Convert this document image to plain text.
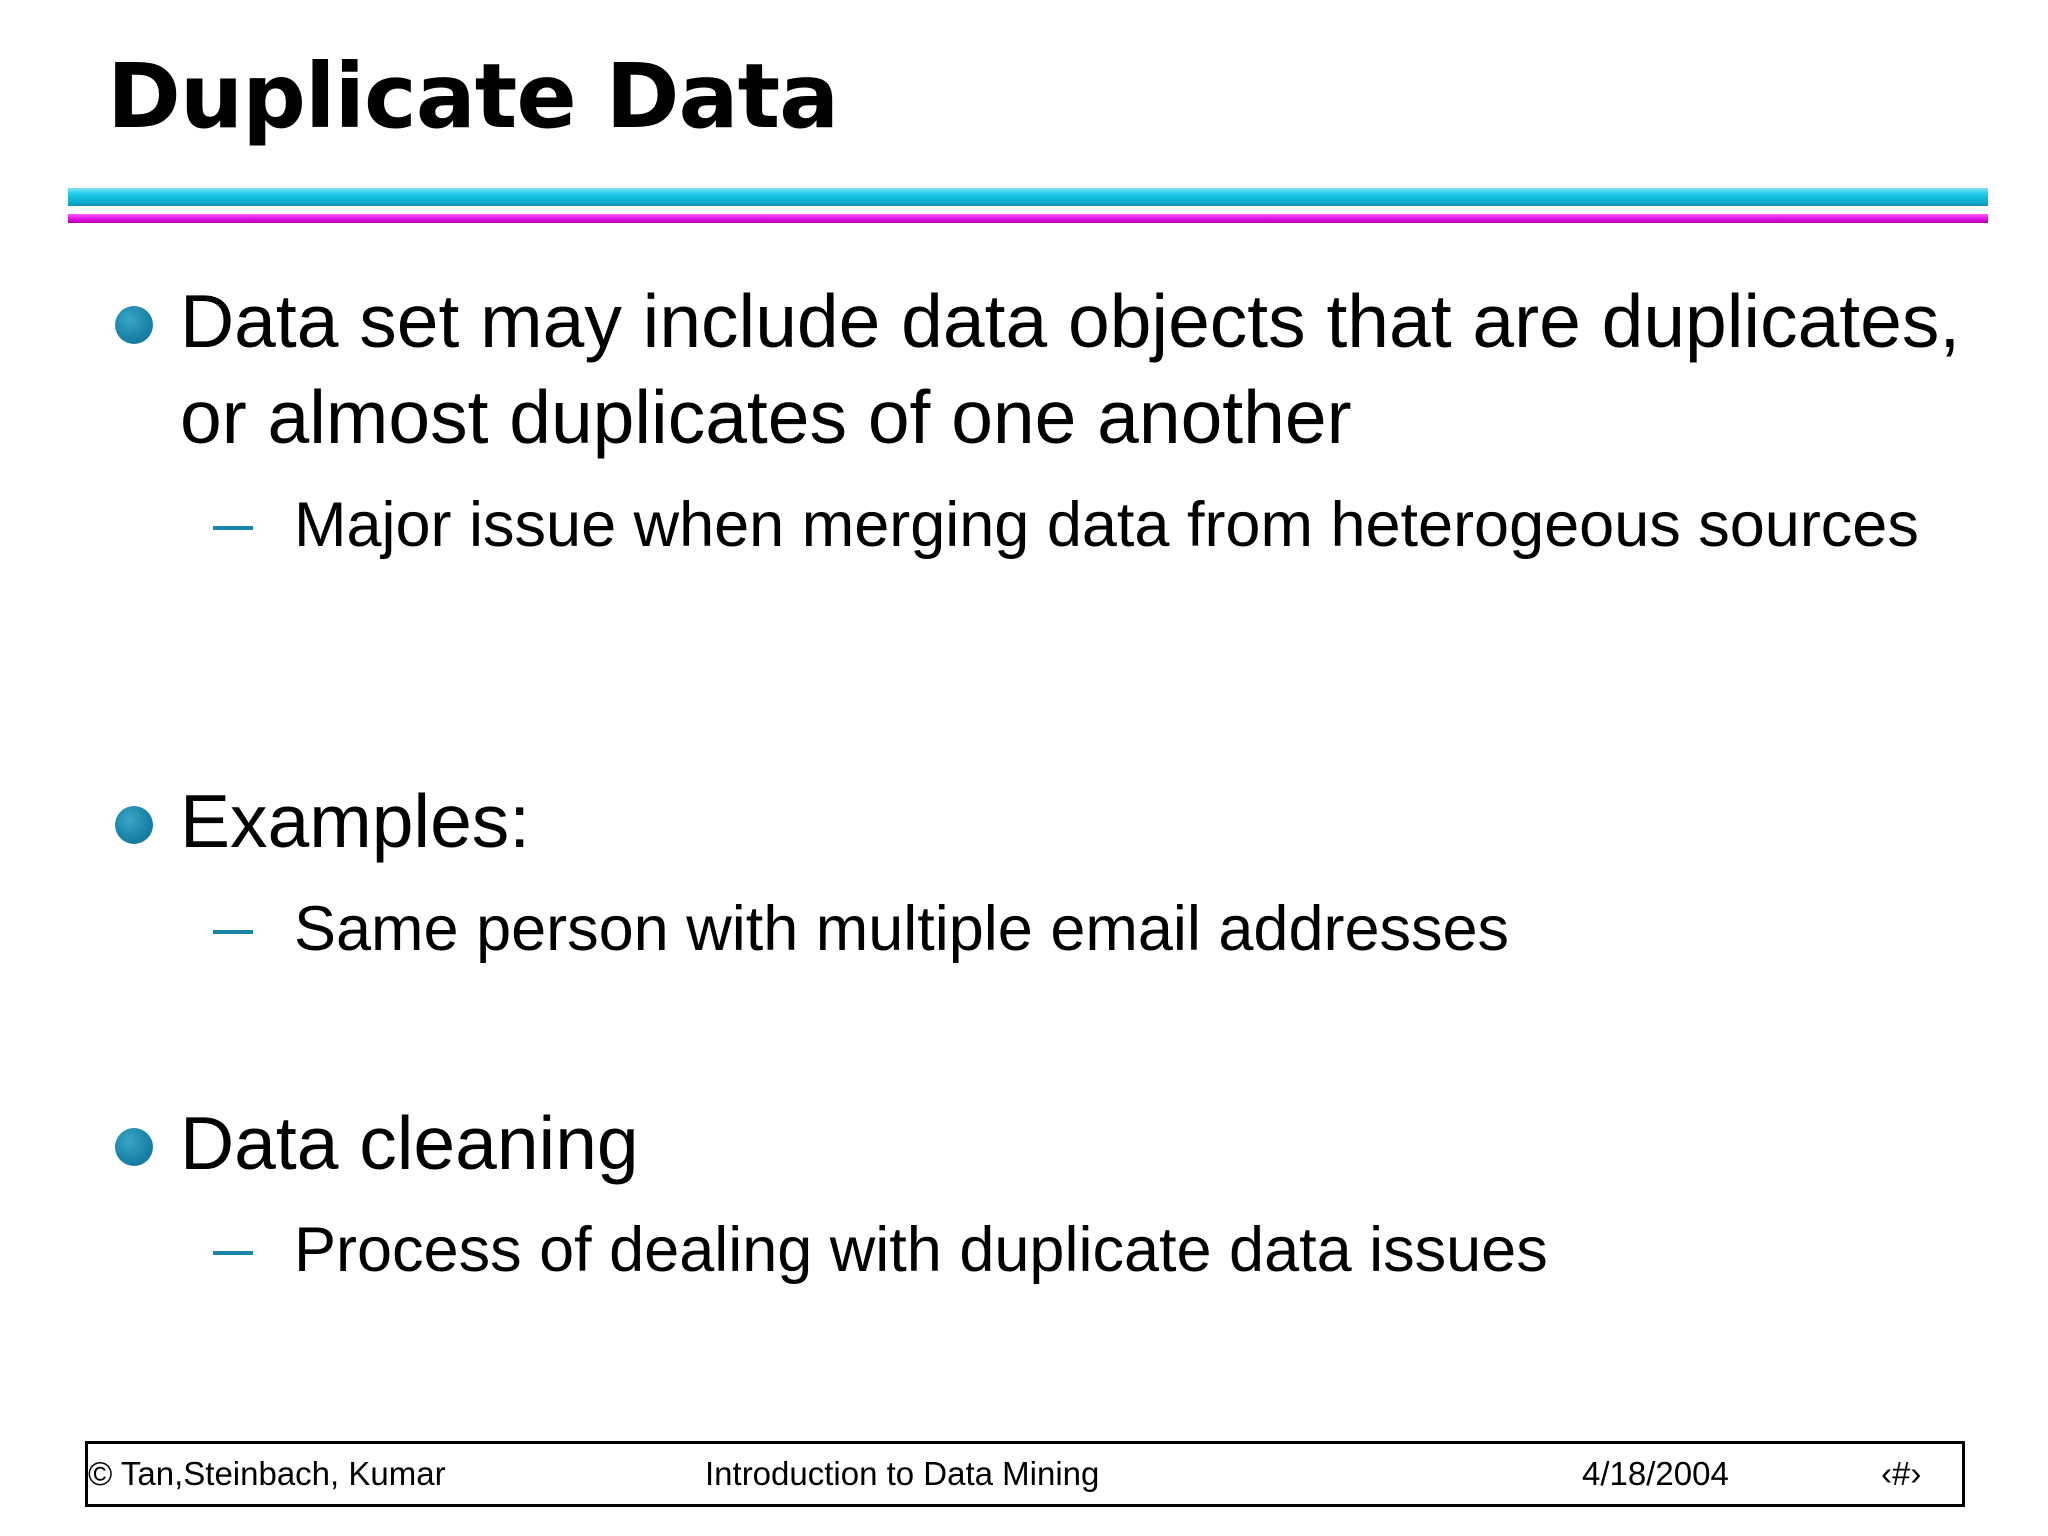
Duplicate Data

Data set may include data objects that are duplicates, or almost duplicates of one another

Major issue when merging data from heterogeous sources

Examples:

Same person with multiple email addresses

Data cleaning

Process of dealing with duplicate data issues

© Tan,Steinbach, Kumar	Introduction to Data Mining	4/18/2004	‹#›
